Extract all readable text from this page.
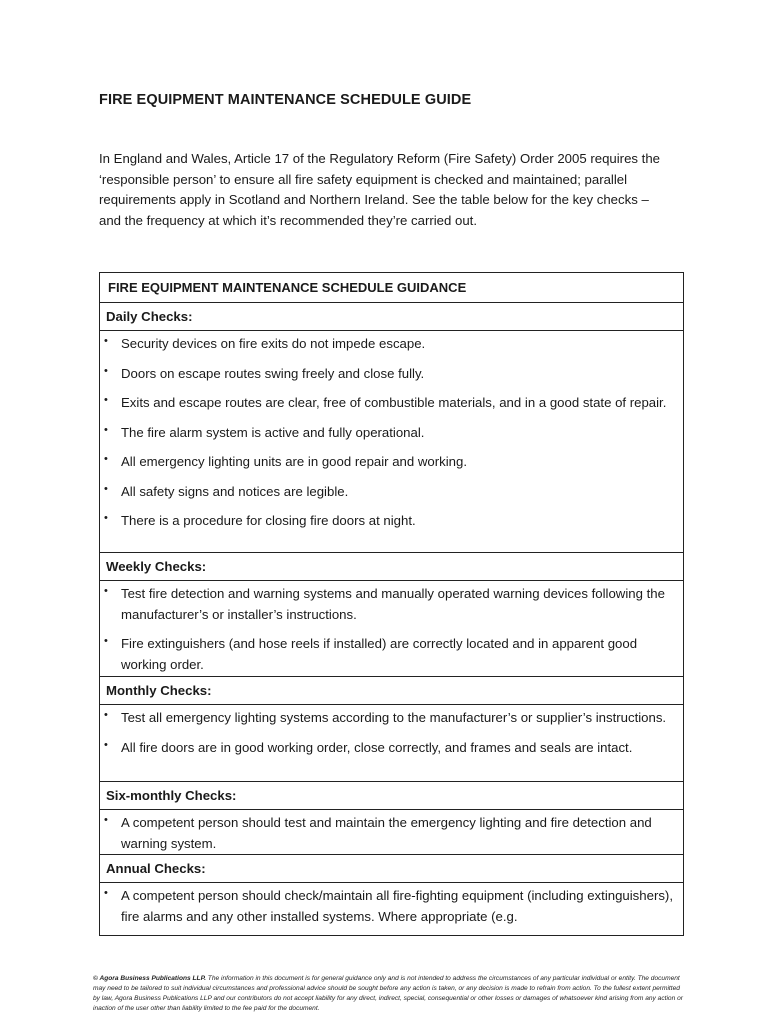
FIRE EQUIPMENT MAINTENANCE SCHEDULE GUIDE
In England and Wales, Article 17 of the Regulatory Reform (Fire Safety) Order 2005 requires the ‘responsible person’ to ensure all fire safety equipment is checked and maintained; parallel requirements apply in Scotland and Northern Ireland. See the table below for the key checks – and the frequency at which it’s recommended they’re carried out.
FIRE EQUIPMENT MAINTENANCE SCHEDULE GUIDANCE
Daily Checks:
• Security devices on fire exits do not impede escape.
• Doors on escape routes swing freely and close fully.
• Exits and escape routes are clear, free of combustible materials, and in a good state of repair.
• The fire alarm system is active and fully operational.
• All emergency lighting units are in good repair and working.
• All safety signs and notices are legible.
• There is a procedure for closing fire doors at night.
Weekly Checks:
• Test fire detection and warning systems and manually operated warning devices following the manufacturer’s or installer’s instructions.
• Fire extinguishers (and hose reels if installed) are correctly located and in apparent good working order.
Monthly Checks:
• Test all emergency lighting systems according to the manufacturer’s or supplier’s instructions.
• All fire doors are in good working order, close correctly, and frames and seals are intact.
Six-monthly Checks:
• A competent person should test and maintain the emergency lighting and fire detection and warning system.
Annual Checks:
• A competent person should check/maintain all fire-fighting equipment (including extinguishers), fire alarms and any other installed systems. Where appropriate (e.g.
© Agora Business Publications LLP. The information in this document is for general guidance only and is not intended to address the circumstances of any particular individual or entity. The document may need to be tailored to suit individual circumstances and professional advice should be sought before any action is taken, or any decision is made to refrain from action. To the fullest extent permitted by law, Agora Business Publications LLP and our contributors do not accept liability for any direct, indirect, special, consequential or other losses or damages of whatsoever kind arising from any action or inaction of the user other than liability limited to the fee paid for the document.
